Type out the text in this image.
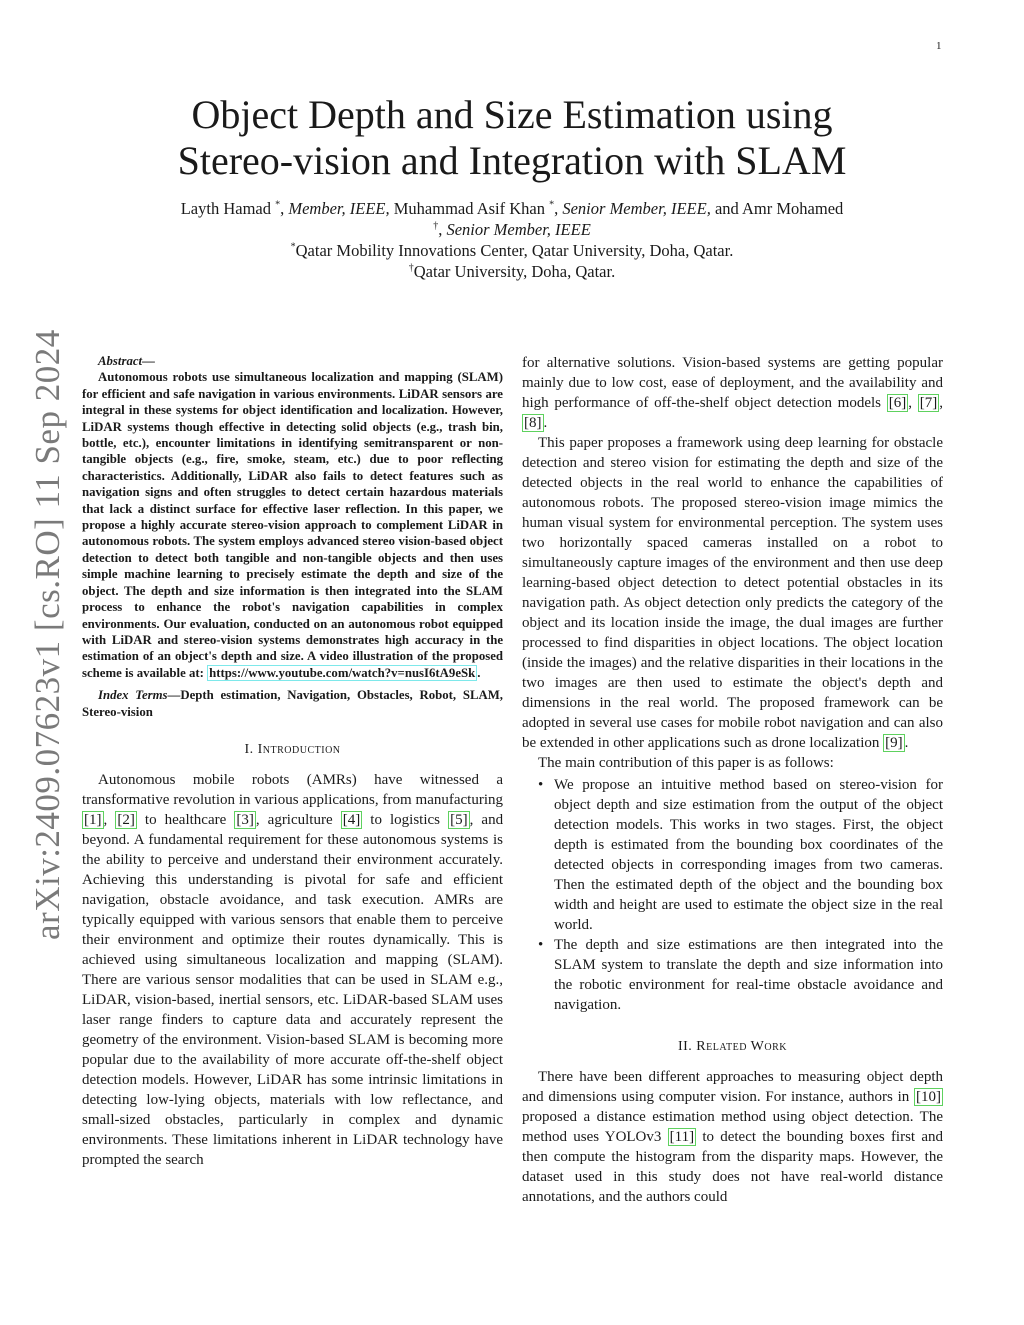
1
arXiv:2409.07623v1 [cs.RO] 11 Sep 2024
Object Depth and Size Estimation using
Stereo-vision and Integration with SLAM
Layth Hamad *, Member, IEEE, Muhammad Asif Khan *, Senior Member, IEEE, and Amr Mohamed
†, Senior Member, IEEE
*Qatar Mobility Innovations Center, Qatar University, Doha, Qatar.
†Qatar University, Doha, Qatar.
Abstract—
Autonomous robots use simultaneous localization and mapping (SLAM) for efficient and safe navigation in various environments. LiDAR sensors are integral in these systems for object identification and localization. However, LiDAR systems though effective in detecting solid objects (e.g., trash bin, bottle, etc.), encounter limitations in identifying semitransparent or non-tangible objects (e.g., fire, smoke, steam, etc.) due to poor reflecting characteristics. Additionally, LiDAR also fails to detect features such as navigation signs and often struggles to detect certain hazardous materials that lack a distinct surface for effective laser reflection. In this paper, we propose a highly accurate stereo-vision approach to complement LiDAR in autonomous robots. The system employs advanced stereo vision-based object detection to detect both tangible and non-tangible objects and then uses simple machine learning to precisely estimate the depth and size of the object. The depth and size information is then integrated into the SLAM process to enhance the robot's navigation capabilities in complex environments. Our evaluation, conducted on an autonomous robot equipped with LiDAR and stereo-vision systems demonstrates high accuracy in the estimation of an object's depth and size. A video illustration of the proposed scheme is available at: https://www.youtube.com/watch?v=nusI6tA9eSk .
Index Terms—Depth estimation, Navigation, Obstacles, Robot, SLAM, Stereo-vision
I. Introduction

Autonomous mobile robots (AMRs) have witnessed a transformative revolution in various applications, from manufacturing [1] , [2] to healthcare [3] , agriculture [4] to logistics [5] , and beyond. A fundamental requirement for these autonomous systems is the ability to perceive and understand their environment accurately. Achieving this understanding is pivotal for safe and efficient navigation, obstacle avoidance, and task execution. AMRs are typically equipped with various sensors that enable them to perceive their environment and optimize their routes dynamically. This is achieved using simultaneous localization and mapping (SLAM). There are various sensor modalities that can be used in SLAM e.g., LiDAR, vision-based, inertial sensors, etc. LiDAR-based SLAM uses laser range finders to capture data and accurately represent the geometry of the environment. Vision-based SLAM is becoming more popular due to the availability of more accurate off-the-shelf object detection models. However, LiDAR has some intrinsic limitations in detecting low-lying objects, materials with low reflectance, and small-sized obstacles, particularly in complex and dynamic environments. These limitations inherent in LiDAR technology have prompted the search

for alternative solutions. Vision-based systems are getting popular mainly due to low cost, ease of deployment, and the availability and high performance of off-the-shelf object detection models [6] , [7] , [8] .

This paper proposes a framework using deep learning for obstacle detection and stereo vision for estimating the depth and size of the detected objects in the real world to enhance the capabilities of autonomous robots. The proposed stereo-vision image mimics the human visual system for environmental perception. The system uses two horizontally spaced cameras installed on a robot to simultaneously capture images of the environment and then use deep learning-based object detection to detect potential obstacles in its navigation path. As object detection only predicts the category of the object and its location inside the image, the dual images are further processed to find disparities in object locations. The object location (inside the images) and the relative disparities in their locations in the two images are then used to estimate the object's depth and dimensions in the real world. The proposed framework can be adopted in several use cases for mobile robot navigation and can also be extended in other applications such as drone localization [9] .

The main contribution of this paper is as follows:

• We propose an intuitive method based on stereo-vision for object depth and size estimation from the output of the object detection models. This works in two stages. First, the object depth is estimated from the bounding box coordinates of the detected objects in corresponding images from two cameras. Then the estimated depth of the object and the bounding box width and height are used to estimate the object size in the real world.
• The depth and size estimations are then integrated into the SLAM system to translate the depth and size information into the robotic environment for real-time obstacle avoidance and navigation.
II. Related Work

There have been different approaches to measuring object depth and dimensions using computer vision. For instance, authors in [10] proposed a distance estimation method using object detection. The method uses YOLOv3 [11] to detect the bounding boxes first and then compute the histogram from the disparity maps. However, the dataset used in this study does not have real-world distance annotations, and the authors could
